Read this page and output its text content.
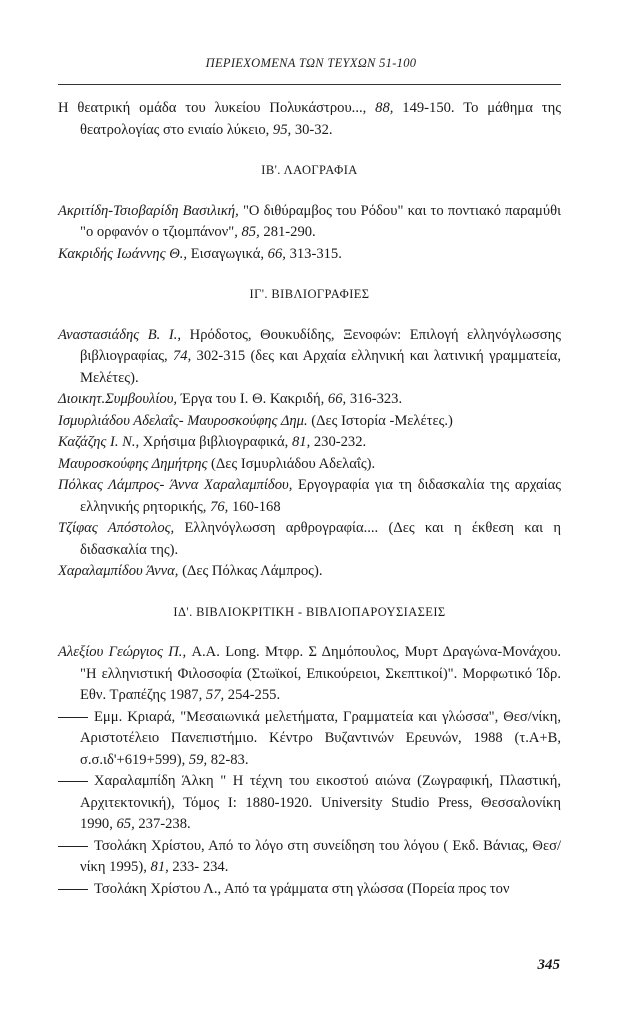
ΠΕΡΙΕΧΟΜΕΝΑ ΤΩΝ ΤΕΥΧΩΝ 51-100

Η θεατρική ομάδα του λυκείου Πολυκάστρου..., 88, 149-150. Το μάθημα της θεατρολογίας στο ενιαίο λύκειο, 95, 30-32.

ΙΒ'. ΛΑΟΓΡΑΦΙΑ

Ακριτίδη-Τσιοβαρίδη Βασιλική, "Ο διθύραμβος του Ρόδου" και το ποντιακό παραμύθι "ο ορφανόν ο τζιομπάνον", 85, 281-290.

Κακριδής Ιωάννης Θ., Εισαγωγικά, 66, 313-315.

ΙΓ'. ΒΙΒΛΙΟΓΡΑΦΙΕΣ

Αναστασιάδης Β. Ι., Ηρόδοτος, Θουκυδίδης, Ξενοφών: Επιλογή ελληνόγλωσσης βιβλιογραφίας, 74, 302-315 (δες και Αρχαία ελληνική και λατινική γραμματεία, Μελέτες).

Διοικητ.Συμβουλίου, Έργα του Ι. Θ. Κακριδή, 66, 316-323.

Ισμυρλιάδου Αδελαΐς- Μαυροσκούφης Δημ. (Δες Ιστορία -Μελέτες.)

Καζάζης Ι. Ν., Χρήσιμα βιβλιογραφικά, 81, 230-232.

Μαυροσκούφης Δημήτρης (Δες Ισμυρλιάδου Αδελαΐς).

Πόλκας Λάμπρος- Άννα Χαραλαμπίδου, Εργογραφία για τη διδασκαλία της αρχαίας ελληνικής ρητορικής, 76, 160-168

Τζίφας Απόστολος, Ελληνόγλωσση αρθρογραφία.... (Δες και η έκθεση και η διδασκαλία της).

Χαραλαμπίδου Άννα, (Δες Πόλκας Λάμπρος).

ΙΔ'. ΒΙΒΛΙΟΚΡΙΤΙΚΗ - ΒΙΒΛΙΟΠΑΡΟΥΣΙΑΣΕΙΣ

Αλεξίου Γεώργιος Π., A.A. Long. Μτφρ. Σ Δημόπουλος, Μυρτ Δραγώνα-Μονάχου. "Η ελληνιστική Φιλοσοφία (Στωϊκοί, Επικούρειοι, Σκεπτικοί)". Μορφωτικό Ίδρ. Εθν. Τραπέζης 1987, 57, 254-255.

Εμμ. Κριαρά, "Μεσαιωνικά μελετήματα, Γραμματεία και γλώσσα", Θεσ/νίκη, Αριστοτέλειο Πανεπιστήμιο. Κέντρο Βυζαντινών Ερευνών, 1988 (τ.Α+Β, σ.σ.ιδ'+619+599), 59, 82-83.

Χαραλαμπίδη Άλκη " Η τέχνη του εικοστού αιώνα (Ζωγραφική, Πλαστική, Αρχιτεκτονική), Τόμος Ι: 1880-1920. University Studio Press, Θεσσαλονίκη 1990, 65, 237-238.

Τσολάκη Χρίστου, Από το λόγο στη συνείδηση του λόγου ( Εκδ. Βάνιας, Θεσ/νίκη 1995), 81, 233- 234.

Τσολάκη Χρίστου Λ., Από τα γράμματα στη γλώσσα (Πορεία προς τον

345
